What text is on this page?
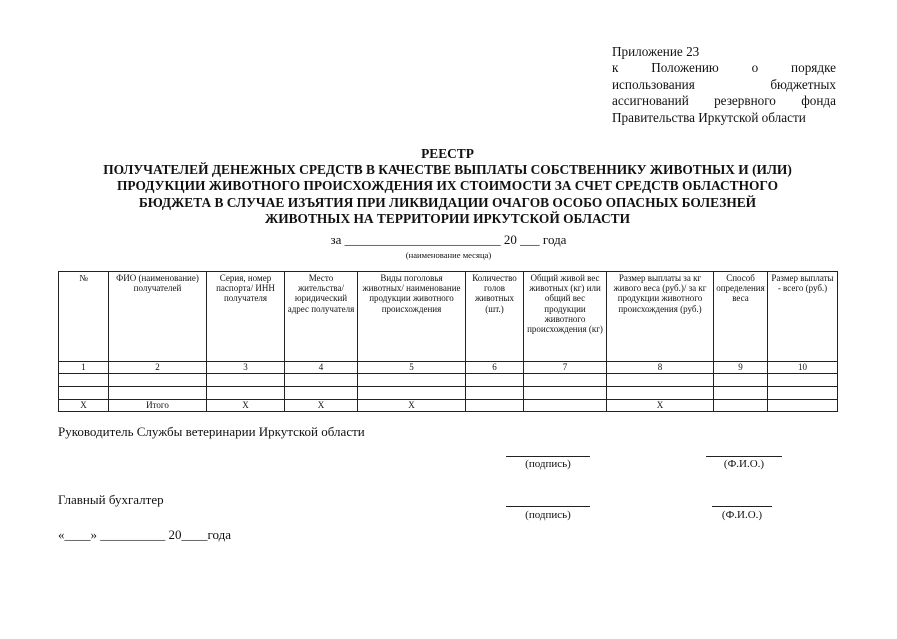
Приложение 23
к Положению о порядке
использования бюджетных
ассигнований резервного фонда
Правительства Иркутской области
РЕЕСТР
ПОЛУЧАТЕЛЕЙ ДЕНЕЖНЫХ СРЕДСТВ В КАЧЕСТВЕ ВЫПЛАТЫ СОБСТВЕННИКУ ЖИВОТНЫХ И (ИЛИ)
ПРОДУКЦИИ ЖИВОТНОГО ПРОИСХОЖДЕНИЯ ИХ СТОИМОСТИ ЗА СЧЕТ СРЕДСТВ ОБЛАСТНОГО
БЮДЖЕТА В СЛУЧАЕ ИЗЪЯТИЯ ПРИ ЛИКВИДАЦИИ ОЧАГОВ ОСОБО ОПАСНЫХ БОЛЕЗНЕЙ
ЖИВОТНЫХ НА ТЕРРИТОРИИ ИРКУТСКОЙ ОБЛАСТИ
за ________________________ 20 ___ года
(наименование месяца)
№	ФИО (наименование) получателей	Серия, номер паспорта/ ИНН получателя	Место жительства/ юридический адрес получателя	Виды поголовья животных/ наименование продукции животного происхождения	Количество голов животных (шт.)	Общий живой вес животных (кг) или общий вес продукции животного происхождения (кг)	Размер выплаты за кг живого веса (руб.)/ за кг продукции животного происхождения (руб.)	Способ определения веса	Размер выплаты - всего (руб.)
1	2	3	4	5	6	7	8	9	10

Х	Итого	Х	Х	Х			Х		
Руководитель Службы ветеринарии Иркутской области
(подпись)	(Ф.И.О.)
Главный бухгалтер
(подпись)	(Ф.И.О.)
«____» __________ 20____года
